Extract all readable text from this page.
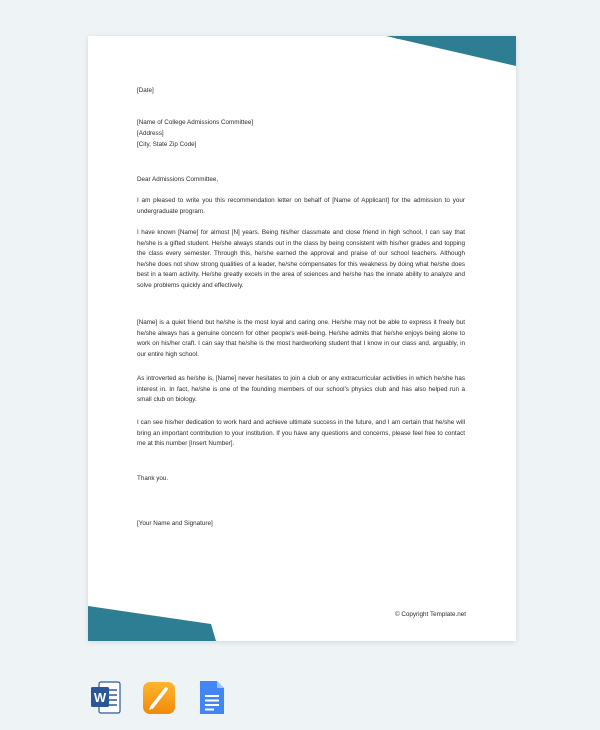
[Date]

[Name of College Admissions Committee]

[Address]

[City, State Zip Code]

Dear Admissions Committee,

I am pleased to write you this recommendation letter on behalf of [Name of Applicant] for the admission to your undergraduate program.

I have known [Name] for almost [N] years. Being his/her classmate and close friend in high school, I can say that he/she is a gifted student. He/she always stands out in the class by being consistent with his/her grades and topping the class every semester. Through this, he/she earned the approval and praise of our school teachers. Although he/she does not show strong qualities of a leader, he/she compensates for this weakness by doing what he/she does best in a team activity. He/she greatly excels in the area of sciences and he/she has the innate ability to analyze and solve problems quickly and effectively.

[Name] is a quiet friend but he/she is the most loyal and caring one. He/she may not be able to express it freely but he/she always has a genuine concern for other people's well-being. He/she admits that he/she enjoys being alone to work on his/her craft. I can say that he/she is the most hardworking student that I know in our class and, arguably, in our entire high school.

As introverted as he/she is, [Name] never hesitates to join a club or any extracurricular activities in which he/she has interest in. In fact, he/she is one of the founding members of our school's physics club and has also helped run a small club on biology.

I can see his/her dedication to work hard and achieve ultimate success in the future, and I am certain that he/she will bring an important contribution to your institution. If you have any questions and concerns, please feel free to contact me at this number [Insert Number].

Thank you.

[Your Name and Signature]

© Copyright Template.net
W
